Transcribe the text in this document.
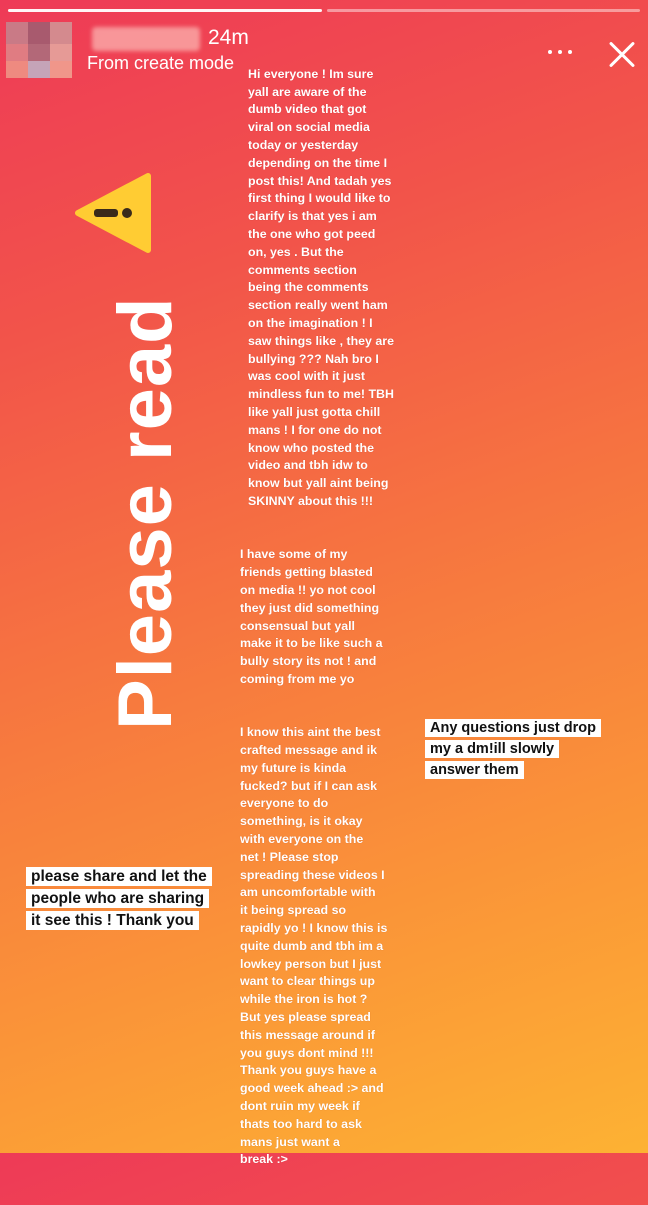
24m
From create mode
Please read

Hi everyone ! Im sure
yall are aware of the
dumb video that got
viral on social media
today or yesterday
depending on the time I
post this! And tadah yes
first thing I would like to
clarify is that yes i am
the one who got peed
on, yes . But the
comments section
being the comments
section really went ham
on the imagination ! I
saw things like , they are
bullying ??? Nah bro I
was cool with it just
mindless fun to me! TBH
like yall just gotta chill
mans ! I for one do not
know who posted the
video and tbh idw to
know but yall aint being
SKINNY about this !!!

I have some of my
friends getting blasted
on media !! yo not cool
they just did something
consensual but yall
make it to be like such a
bully story its not ! and
coming from me yo

I know this aint the best
crafted message and ik
my future is kinda
fucked? but if I can ask
everyone to do
something, is it okay
with everyone on the
net ! Please stop
spreading these videos I
am uncomfortable with
it being spread so
rapidly yo ! I know this is
quite dumb and tbh im a
lowkey person but I just
want to clear things up
while the iron is hot ?
But yes please spread
this message around if
you guys dont mind !!!
Thank you guys have a
good week ahead :> and
dont ruin my week if
thats too hard to ask
mans just want a
break :>

Any questions just drop
my a dm!ill slowly
answer them
please share and let the
people who are sharing
it see this ! Thank you
